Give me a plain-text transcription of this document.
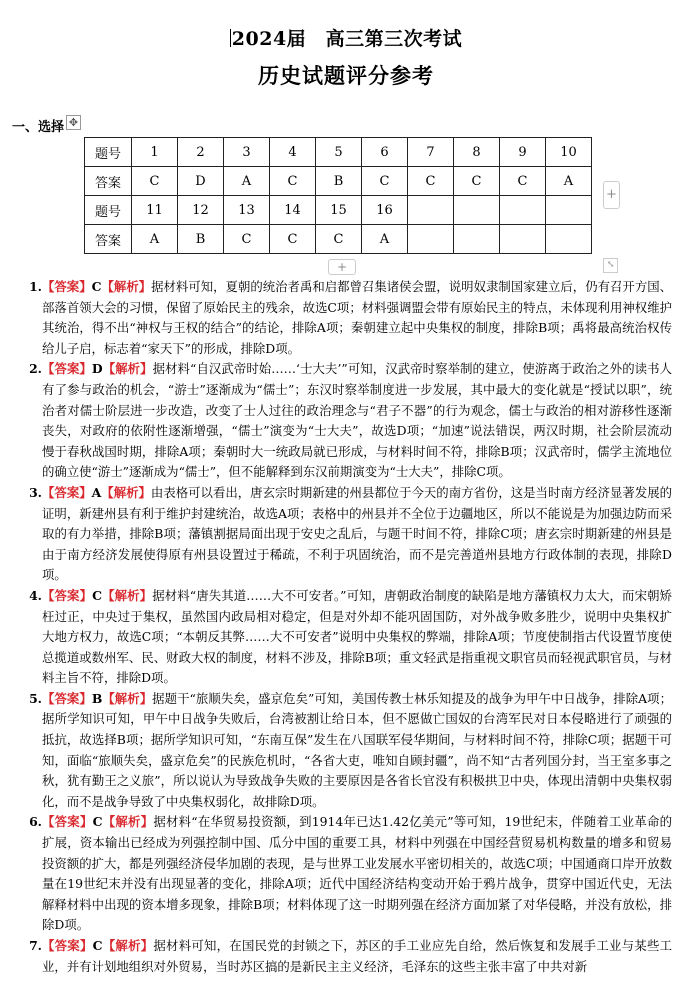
2024届　高三第三次考试
历史试题评分参考
一、选择 ✥
题号	1	2	3	4	5	6	7	8	9	10
答案	C	D	A	C	B	C	C	C	C	A
题号	11	12	13	14	15	16				
答案	A	B	C	C	C	A				
+
+	⤡
1. 【答案】C【解析】据材料可知，夏朝的统治者禹和启都曾召集诸侯会盟，说明奴隶制国家建立后，仍有召开方国、部落首领大会的习惯，保留了原始民主的残余，故选C项；材料强调盟会带有原始民主的特点，未体现利用神权维护其统治，得不出“神权与王权的结合”的结论，排除A项；秦朝建立起中央集权的制度，排除B项；禹将最高统治权传给儿子启，标志着“家天下”的形成，排除D项。
2. 【答案】D【解析】据材料“自汉武帝时始……‘士大夫’”可知，汉武帝时察举制的建立，使游离于政治之外的读书人有了参与政治的机会，“游士”逐渐成为“儒士”；东汉时察举制度进一步发展，其中最大的变化就是“授试以职”，统治者对儒士阶层进一步改造，改变了士人过往的政治理念与“君子不器”的行为观念，儒士与政治的相对游移性逐渐丧失，对政府的依附性逐渐增强，“儒士”演变为“士大夫”，故选D项；“加速”说法错误，两汉时期，社会阶层流动慢于春秋战国时期，排除A项；秦朝时大一统政局就已形成，与材料时间不符，排除B项；汉武帝时，儒学主流地位的确立使“游士”逐渐成为“儒士”，但不能解释到东汉前期演变为“士大夫”，排除C项。
3. 【答案】A【解析】由表格可以看出，唐玄宗时期新建的州县都位于今天的南方省份，这是当时南方经济显著发展的证明，新建州县有利于维护封建统治，故选A项；表格中的州县并不全位于边疆地区，所以不能说是为加强边防而采取的有力举措，排除B项；藩镇割据局面出现于安史之乱后，与题干时间不符，排除C项；唐玄宗时期新建的州县是由于南方经济发展使得原有州县设置过于稀疏，不利于巩固统治，而不是完善道州县地方行政体制的表现，排除D项。
4. 【答案】C【解析】据材料“唐失其道……大不可安者。”可知，唐朝政治制度的缺陷是地方藩镇权力太大，而宋朝矫枉过正，中央过于集权，虽然国内政局相对稳定，但是对外却不能巩固国防，对外战争败多胜少，说明中央集权扩大地方权力，故选C项；“本朝反其弊……大不可安者”说明中央集权的弊端，排除A项；节度使制指古代设置节度使总揽道或数州军、民、财政大权的制度，材料不涉及，排除B项；重文轻武是指重视文职官员而轻视武职官员，与材料主旨不符，排除D项。
5. 【答案】B【解析】据题干“旅顺失矣，盛京危矣”可知，美国传教士林乐知提及的战争为甲午中日战争，排除A项；据所学知识可知，甲午中日战争失败后，台湾被割让给日本，但不愿做亡国奴的台湾军民对日本侵略进行了顽强的抵抗，故选择B项；据所学知识可知，“东南互保”发生在八国联军侵华期间，与材料时间不符，排除C项；据题干可知，面临“旅顺失矣，盛京危矣”的民族危机时，“各省大吏，唯知自顾封疆”，尚不知“古者列国分封，当王室多事之秋，犹有勤王之义旅”，所以说认为导致战争失败的主要原因是各省长官没有积极拱卫中央，体现出清朝中央集权弱化，而不是战争导致了中央集权弱化，故排除D项。
6. 【答案】C【解析】据材料“在华贸易投资额，到1914年已达1.42亿美元”等可知，19世纪末，伴随着工业革命的扩展，资本输出已经成为列强控制中国、瓜分中国的重要工具，材料中列强在中国经营贸易机构数量的增多和贸易投资额的扩大，都是列强经济侵华加剧的表现，是与世界工业发展水平密切相关的，故选C项；中国通商口岸开放数量在19世纪末并没有出现显著的变化，排除A项；近代中国经济结构变动开始于鸦片战争，贯穿中国近代史，无法解释材料中出现的资本增多现象，排除B项；材料体现了这一时期列强在经济方面加紧了对华侵略，并没有放松，排除D项。
7. 【答案】C【解析】据材料可知，在国民党的封锁之下，苏区的手工业应先自给，然后恢复和发展手工业与某些工业，并有计划地组织对外贸易，当时苏区搞的是新民主主义经济，毛泽东的这些主张丰富了中共对新
